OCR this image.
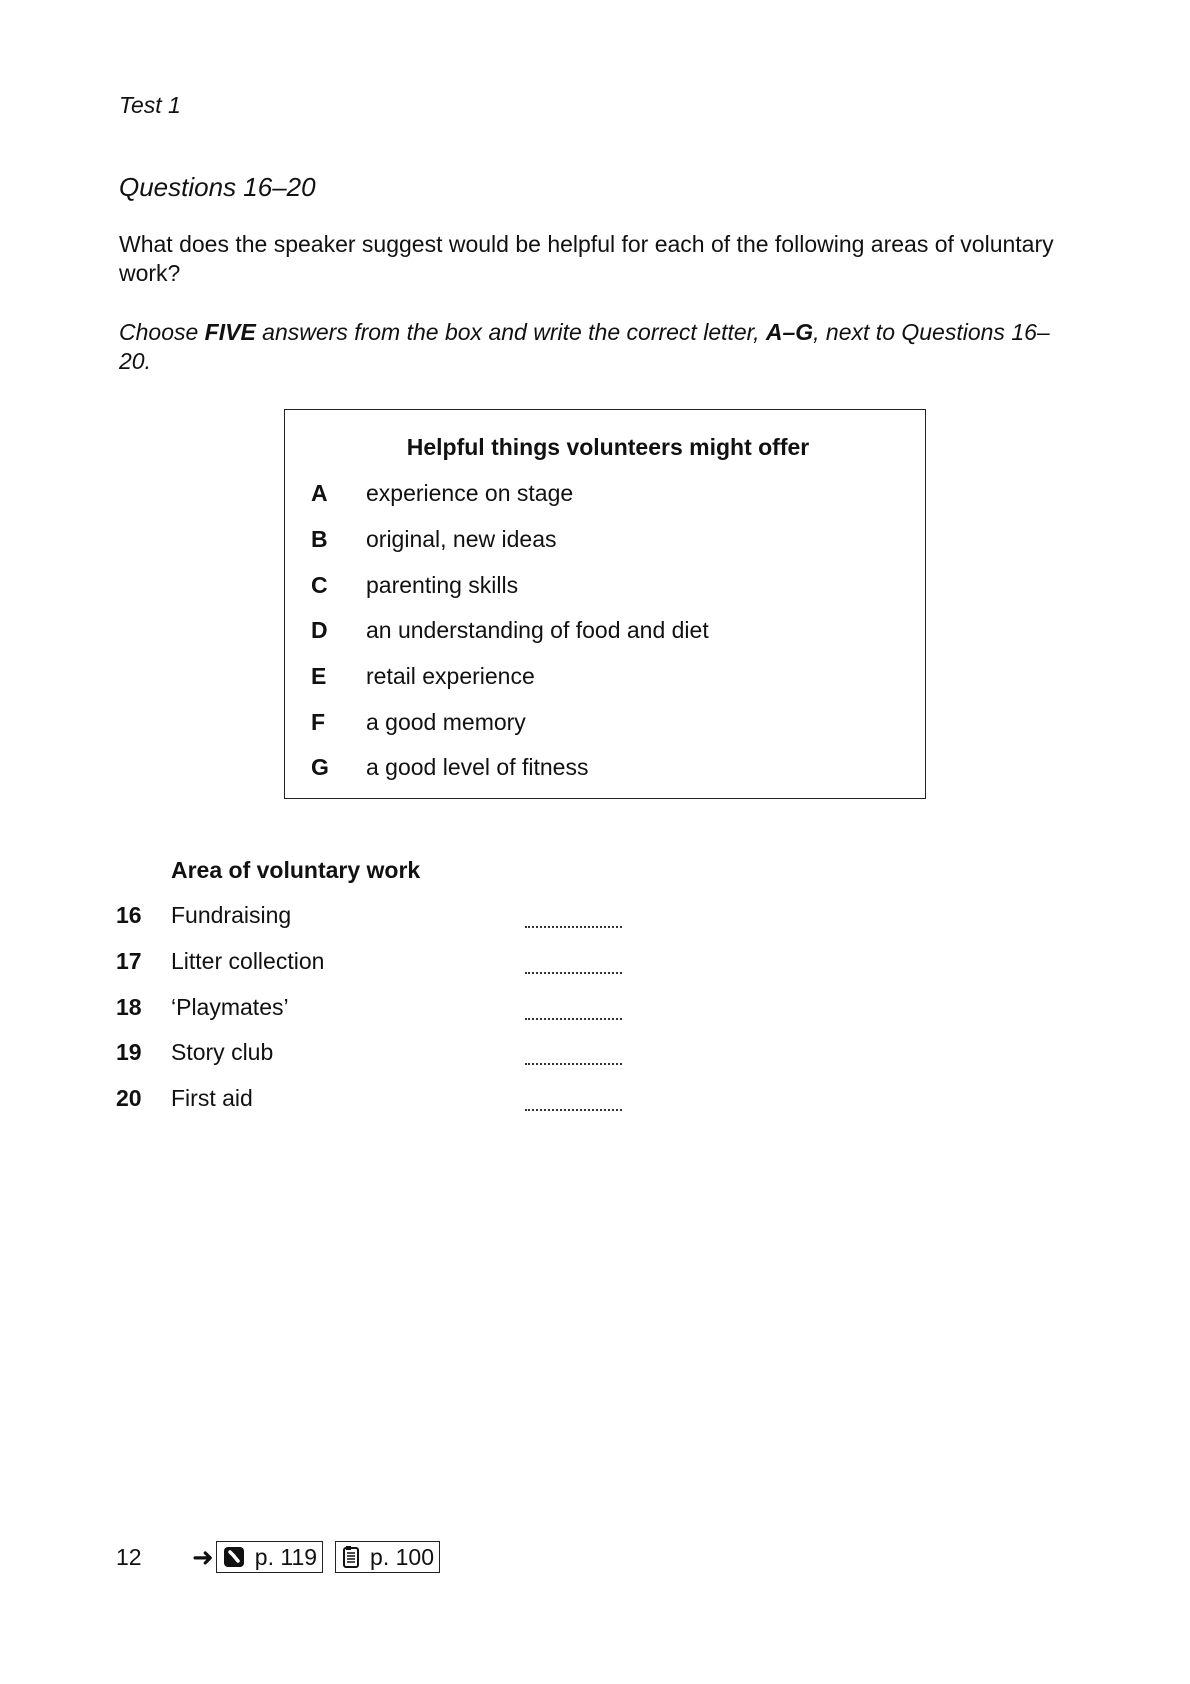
Test 1
Questions 16–20
What does the speaker suggest would be helpful for each of the following areas of voluntary work?
Choose FIVE answers from the box and write the correct letter, A–G, next to Questions 16–20.
Helpful things volunteers might offer
A experience on stage
B original, new ideas
C parenting skills
D an understanding of food and diet
E retail experience
F a good memory
G a good level of fitness
Area of voluntary work
16 Fundraising
17 Litter collection
18 ‘Playmates’
19 Story club
20 First aid
12	➜ p. 119 p. 100
